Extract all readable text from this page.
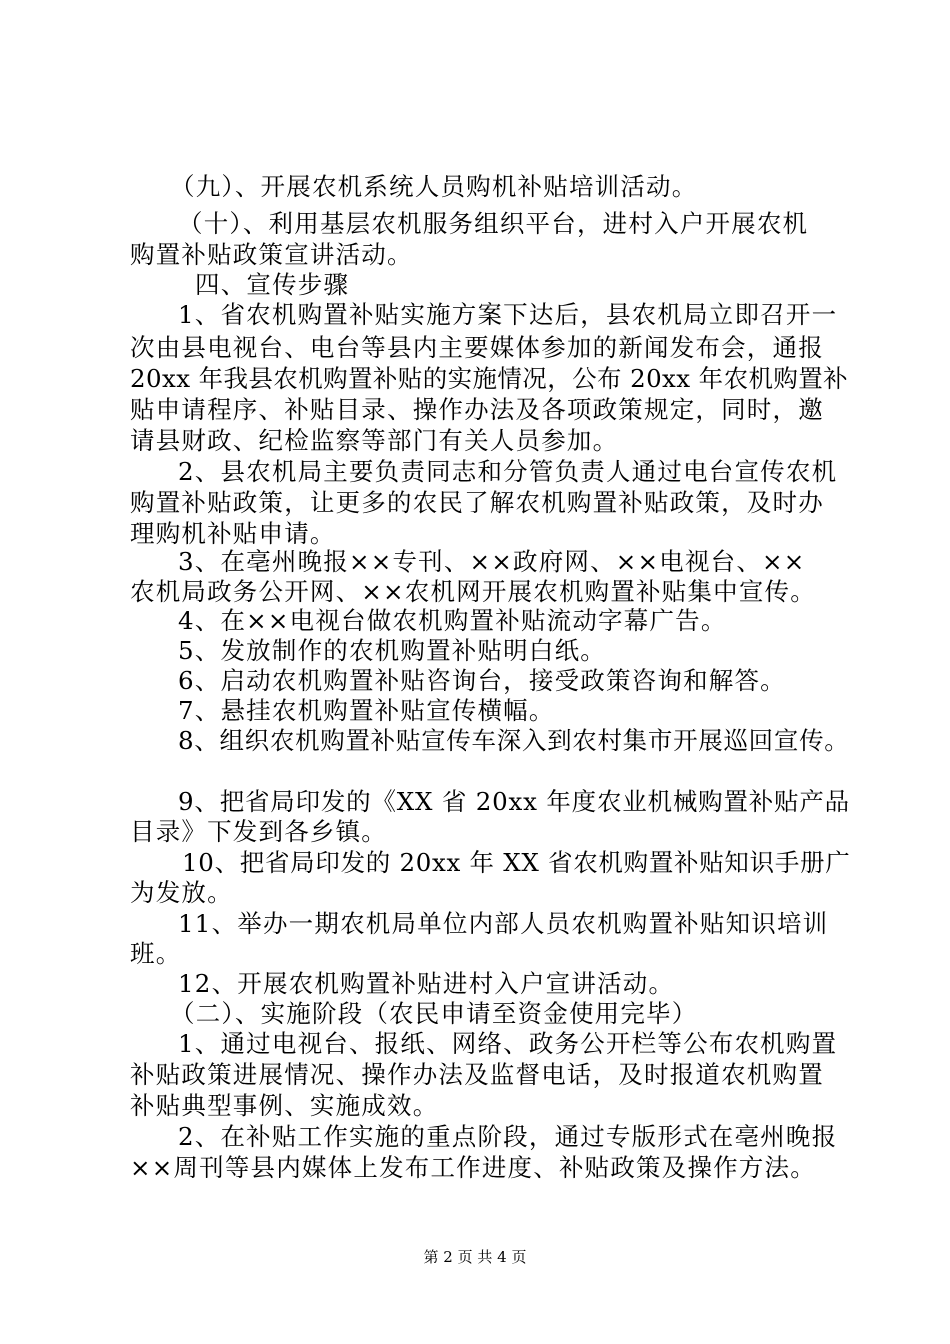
（九）、开展农机系统人员购机补贴培训活动。
（十）、利用基层农机服务组织平台，进村入户开展农机
购置补贴政策宣讲活动。
四、宣传步骤
1、省农机购置补贴实施方案下达后，县农机局立即召开一
次由县电视台、电台等县内主要媒体参加的新闻发布会，通报
20xx 年我县农机购置补贴的实施情况，公布 20xx 年农机购置补
贴申请程序、补贴目录、操作办法及各项政策规定，同时，邀
请县财政、纪检监察等部门有关人员参加。
2、县农机局主要负责同志和分管负责人通过电台宣传农机
购置补贴政策，让更多的农民了解农机购置补贴政策，及时办
理购机补贴申请。
3、在亳州晚报××专刊、××政府网、××电视台、××
农机局政务公开网、××农机网开展农机购置补贴集中宣传。
4、在××电视台做农机购置补贴流动字幕广告。
5、发放制作的农机购置补贴明白纸。
6、启动农机购置补贴咨询台，接受政策咨询和解答。
7、悬挂农机购置补贴宣传横幅。
8、组织农机购置补贴宣传车深入到农村集市开展巡回宣传。
9、把省局印发的《XX 省 20xx 年度农业机械购置补贴产品
目录》下发到各乡镇。
10、把省局印发的 20xx 年 XX 省农机购置补贴知识手册广
为发放。
11、举办一期农机局单位内部人员农机购置补贴知识培训
班。
12、开展农机购置补贴进村入户宣讲活动。
（二）、实施阶段（农民申请至资金使用完毕）
1、通过电视台、报纸、网络、政务公开栏等公布农机购置
补贴政策进展情况、操作办法及监督电话，及时报道农机购置
补贴典型事例、实施成效。
2、在补贴工作实施的重点阶段，通过专版形式在亳州晚报
××周刊等县内媒体上发布工作进度、补贴政策及操作方法。
第 2 页 共 4 页
